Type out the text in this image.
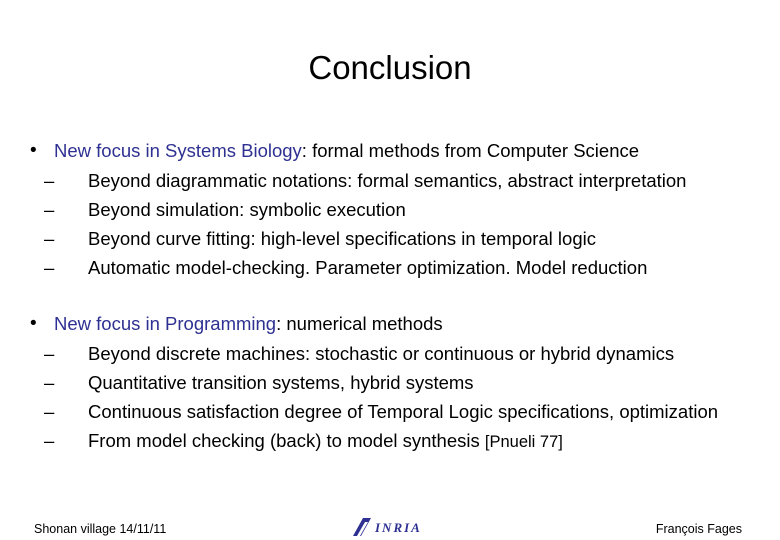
Conclusion
• New focus in Systems Biology: formal methods from Computer Science
– Beyond diagrammatic notations: formal semantics, abstract interpretation
– Beyond simulation: symbolic execution
– Beyond curve fitting: high-level specifications in temporal logic
– Automatic model-checking. Parameter optimization. Model reduction
• New focus in Programming: numerical methods
– Beyond discrete machines: stochastic or continuous or hybrid dynamics
– Quantitative transition systems, hybrid systems
– Continuous satisfaction degree of Temporal Logic specifications, optimization
– From model checking (back) to model synthesis [Pnueli 77]
Shonan village 14/11/11	INRIA	François Fages
